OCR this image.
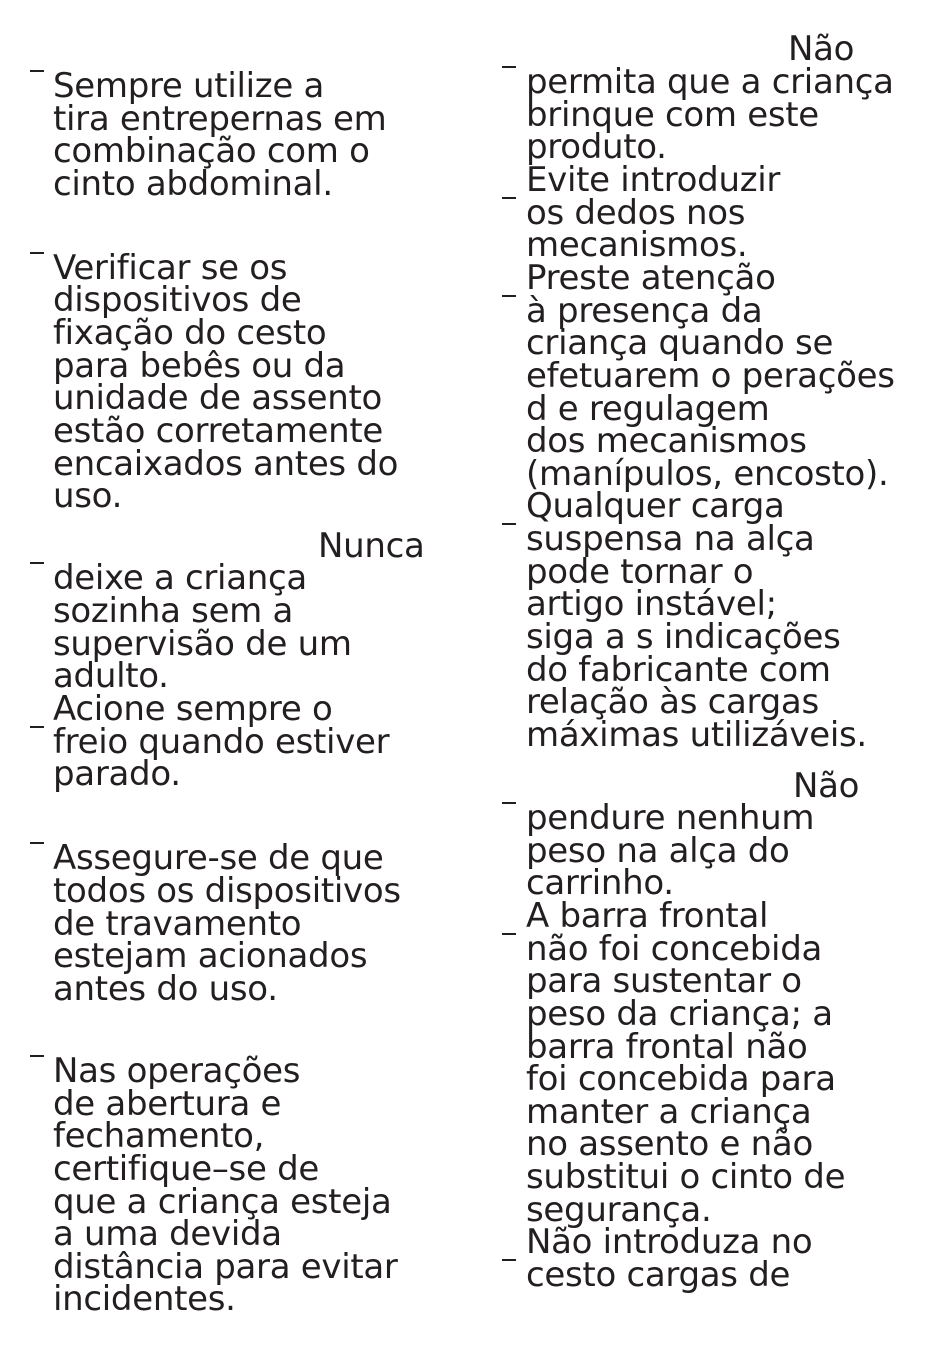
Sempre utilize a
tira entrepernas em
combinação com o
cinto abdominal.
Verificar se os
dispositivos de
fixação do cesto
para bebês ou da
unidade de assento
estão corretamente
encaixados antes do
uso.
Nunca
deixe a criança
sozinha sem a
supervisão de um
adulto.
Acione sempre o
freio quando estiver
parado.
Assegure-se de que
todos os dispositivos
de travamento
estejam acionados
antes do uso.
Nas operações
de abertura e
fechamento,
certifique–se de
que a criança esteja
a uma devida
distância para evitar
incidentes.
Não
permita que a criança
brinque com este
produto.
Evite introduzir
os dedos nos
mecanismos.
Preste atenção
à presença da
criança quando se
efetuarem o perações
d e regulagem
dos mecanismos
(manípulos, encosto).
Qualquer carga
suspensa na alça
pode tornar o
artigo instável;
siga a s indicações
do fabricante com
relação às cargas
máximas utilizáveis.
Não
pendure nenhum
peso na alça do
carrinho.
A barra frontal
não foi concebida
para sustentar o
peso da criança; a
barra frontal não
foi concebida para
manter a criança
no assento e não
substitui o cinto de
segurança.
Não introduza no
cesto cargas de
